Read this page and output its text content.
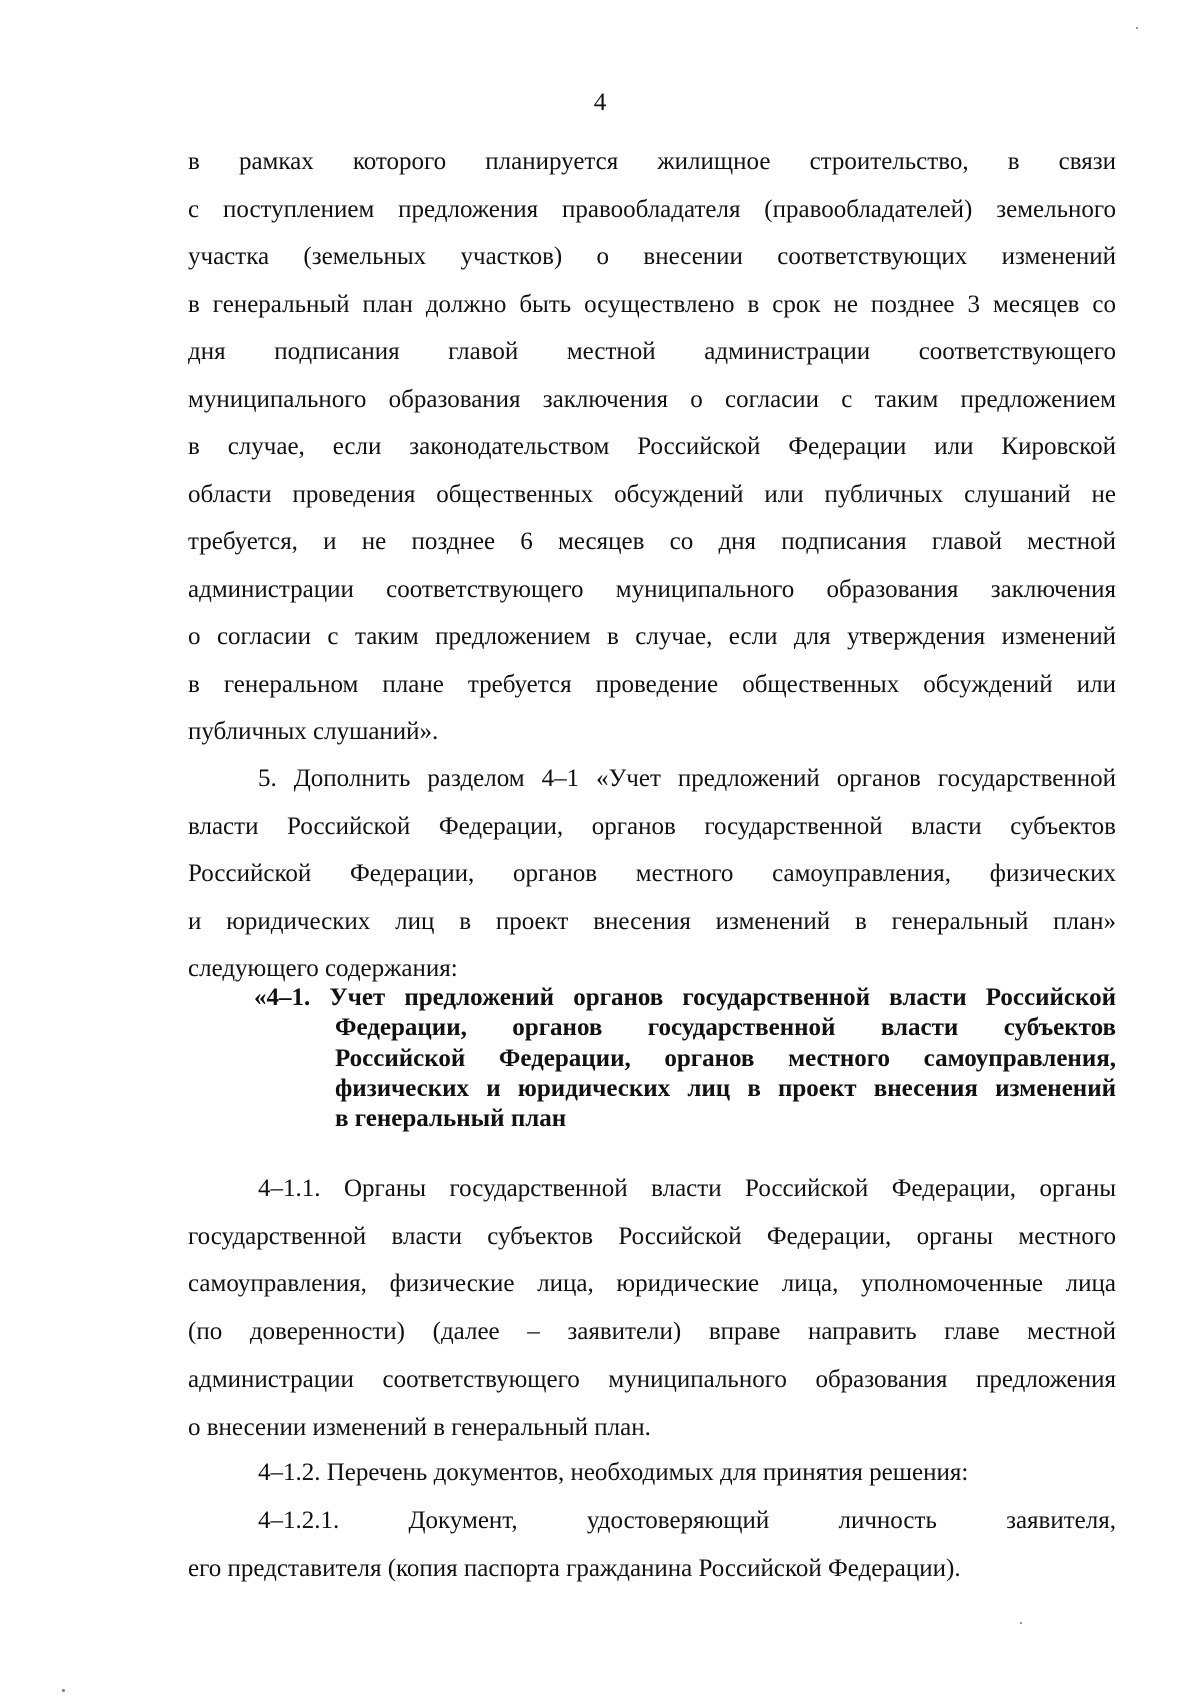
4
в рамках которого планируется жилищное строительство, в связи
с поступлением предложения правообладателя (правообладателей) земельного
участка (земельных участков) о внесении соответствующих изменений
в генеральный план должно быть осуществлено в срок не позднее 3 месяцев со
дня подписания главой местной администрации соответствующего
муниципального образования заключения о согласии с таким предложением
в случае, если законодательством Российской Федерации или Кировской
области проведения общественных обсуждений или публичных слушаний не
требуется, и не позднее 6 месяцев со дня подписания главой местной
администрации соответствующего муниципального образования заключения
о согласии с таким предложением в случае, если для утверждения изменений
в генеральном плане требуется проведение общественных обсуждений или
публичных слушаний».
5. Дополнить разделом 4–1 «Учет предложений органов государственной
власти Российской Федерации, органов государственной власти субъектов
Российской Федерации, органов местного самоуправления, физических
и юридических лиц в проект внесения изменений в генеральный план»
следующего содержания:
«4–1. Учет предложений органов государственной власти Российской
Федерации, органов государственной власти субъектов
Российской Федерации, органов местного самоуправления,
физических и юридических лиц в проект внесения изменений
в генеральный план
4–1.1. Органы государственной власти Российской Федерации, органы
государственной власти субъектов Российской Федерации, органы местного
самоуправления, физические лица, юридические лица, уполномоченные лица
(по доверенности) (далее – заявители) вправе направить главе местной
администрации соответствующего муниципального образования предложения
о внесении изменений в генеральный план.
4–1.2. Перечень документов, необходимых для принятия решения:
4–1.2.1. Документ, удостоверяющий личность заявителя,
его представителя (копия паспорта гражданина Российской Федерации).
